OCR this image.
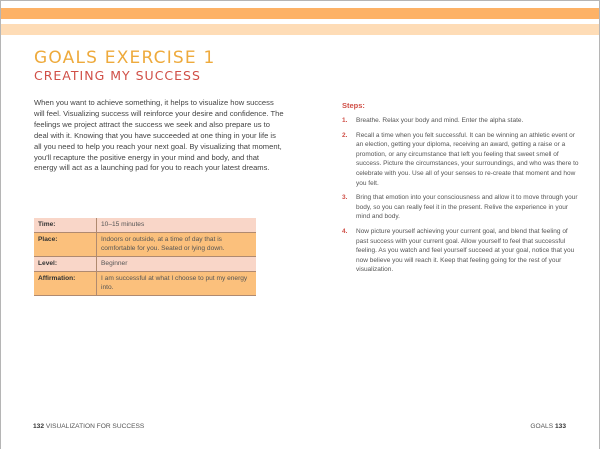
GOALS EXERCISE 1
CREATING MY SUCCESS

When you want to achieve something, it helps to visualize how success will feel. Visualizing success will reinforce your desire and confidence. The feelings we project attract the success we seek and also prepare us to deal with it. Knowing that you have succeeded at one thing in your life is all you need to help you reach your next goal. By visualizing that moment, you'll recapture the positive energy in your mind and body, and that energy will act as a launching pad for you to reach your latest dreams.

Time:	10–15 minutes
Place:	Indoors or outside, at a time of day that is comfortable for you. Seated or lying down.
Level:	Beginner
Affirmation:	I am successful at what I choose to put my energy into.
Steps:
1. Breathe. Relax your body and mind. Enter the alpha state.
2. Recall a time when you felt successful. It can be winning an athletic event or an election, getting your diploma, receiving an award, getting a raise or a promotion, or any circumstance that left you feeling that sweet smell of success. Picture the circumstances, your surroundings, and who was there to celebrate with you. Use all of your senses to re-create that moment and how you felt.
3. Bring that emotion into your consciousness and allow it to move through your body, so you can really feel it in the present. Relive the experience in your mind and body.
4. Now picture yourself achieving your current goal, and blend that feeling of past success with your current goal. Allow yourself to feel that successful feeling. As you watch and feel yourself succeed at your goal, notice that you now believe you will reach it. Keep that feeling going for the rest of your visualization.
132 VISUALIZATION FOR SUCCESS	GOALS 133
